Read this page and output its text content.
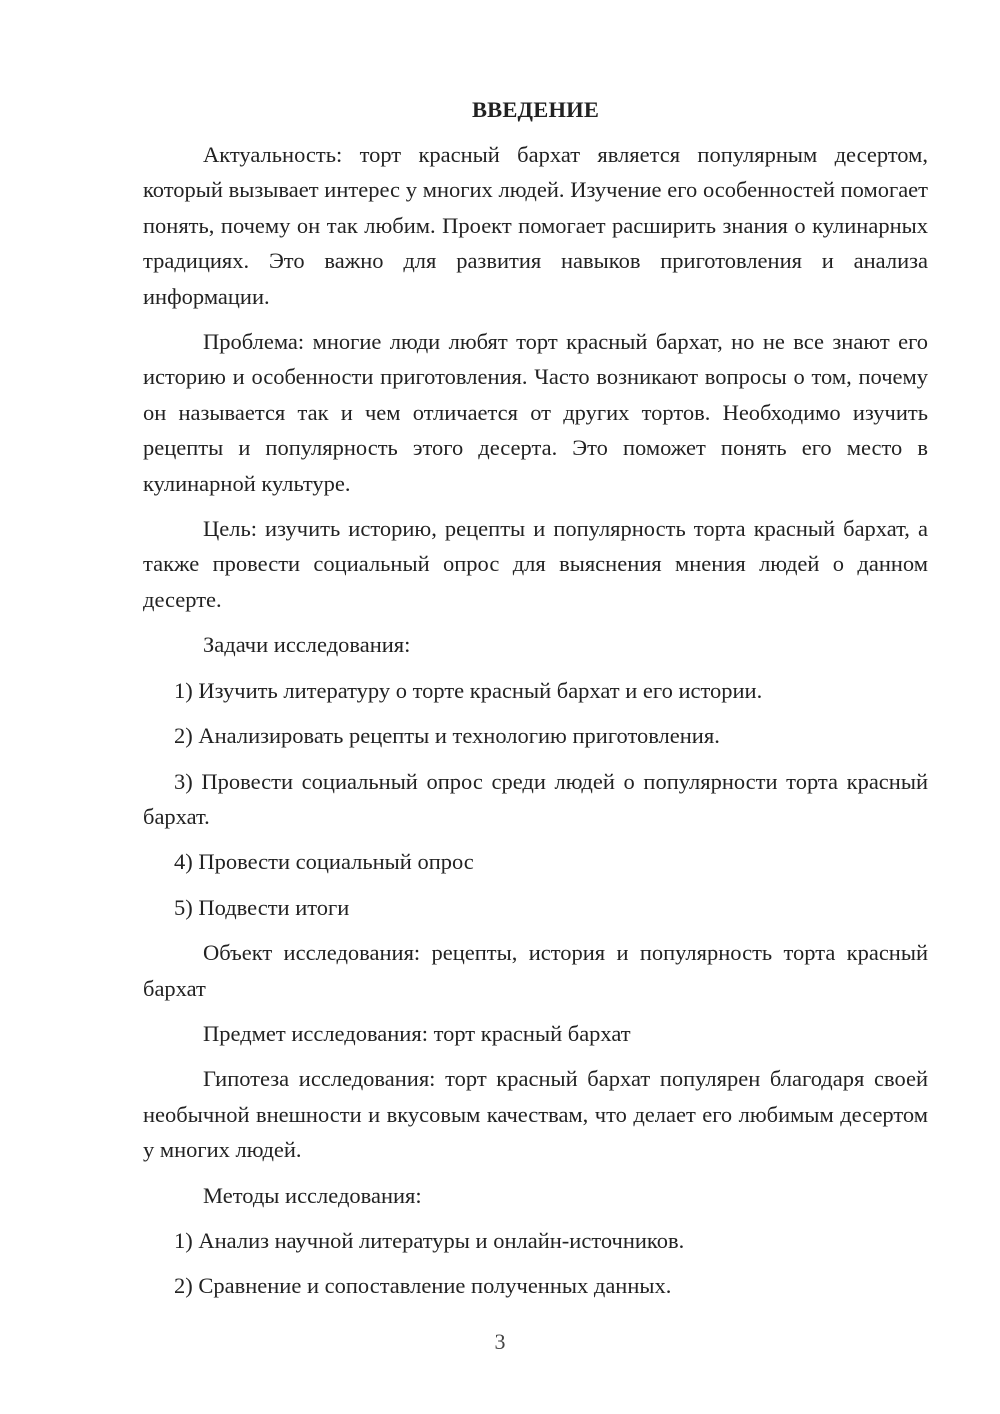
ВВЕДЕНИЕ

Актуальность: торт красный бархат является популярным десертом, который вызывает интерес у многих людей. Изучение его особенностей помогает понять, почему он так любим. Проект помогает расширить знания о кулинарных традициях. Это важно для развития навыков приготовления и анализа информации.

Проблема: многие люди любят торт красный бархат, но не все знают его историю и особенности приготовления. Часто возникают вопросы о том, почему он называется так и чем отличается от других тортов. Необходимо изучить рецепты и популярность этого десерта. Это поможет понять его место в кулинарной культуре.

Цель: изучить историю, рецепты и популярность торта красный бархат, а также провести социальный опрос для выяснения мнения людей о данном десерте.

Задачи исследования:

1) Изучить литературу о торте красный бархат и его истории.

2) Анализировать рецепты и технологию приготовления.

3) Провести социальный опрос среди людей о популярности торта красный бархат.

4) Провести социальный опрос

5) Подвести итоги

Объект исследования: рецепты, история и популярность торта красный бархат

Предмет исследования: торт красный бархат

Гипотеза исследования: торт красный бархат популярен благодаря своей необычной внешности и вкусовым качествам, что делает его любимым десертом у многих людей.

Методы исследования:

1) Анализ научной литературы и онлайн-источников.

2) Сравнение и сопоставление полученных данных.

3
